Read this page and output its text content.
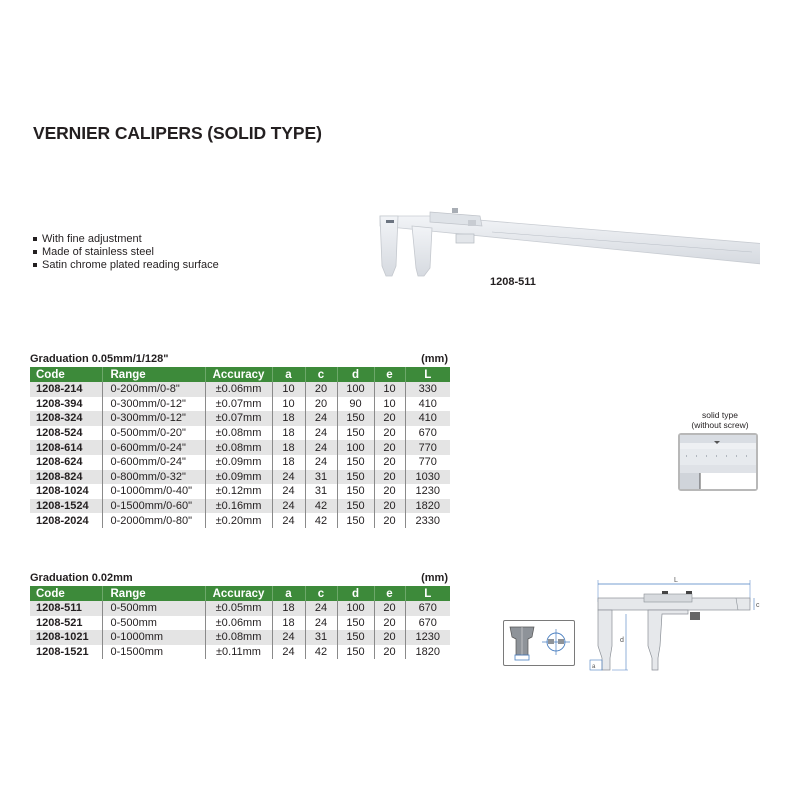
VERNIER CALIPERS (SOLID TYPE)
With fine adjustment
Made of stainless steel
Satin chrome plated reading surface
1208-511
Graduation 0.05mm/1/128"	(mm)
Code	Range	Accuracy	a	c	d	e	L
1208-214	0-200mm/0-8"	±0.06mm	10	20	100	10	330
1208-394	0-300mm/0-12"	±0.07mm	10	20	90	10	410
1208-324	0-300mm/0-12"	±0.07mm	18	24	150	20	410
1208-524	0-500mm/0-20"	±0.08mm	18	24	150	20	670
1208-614	0-600mm/0-24"	±0.08mm	18	24	100	20	770
1208-624	0-600mm/0-24"	±0.09mm	18	24	150	20	770
1208-824	0-800mm/0-32"	±0.09mm	24	31	150	20	1030
1208-1024	0-1000mm/0-40"	±0.12mm	24	31	150	20	1230
1208-1524	0-1500mm/0-60"	±0.16mm	24	42	150	20	1820
1208-2024	0-2000mm/0-80"	±0.20mm	24	42	150	20	2330
Graduation 0.02mm	(mm)
Code	Range	Accuracy	a	c	d	e	L
1208-511	0-500mm	±0.05mm	18	24	100	20	670
1208-521	0-500mm	±0.06mm	18	24	150	20	670
1208-1021	0-1000mm	±0.08mm	24	31	150	20	1230
1208-1521	0-1500mm	±0.11mm	24	42	150	20	1820
solid type
(without screw)
L
c
d
a
